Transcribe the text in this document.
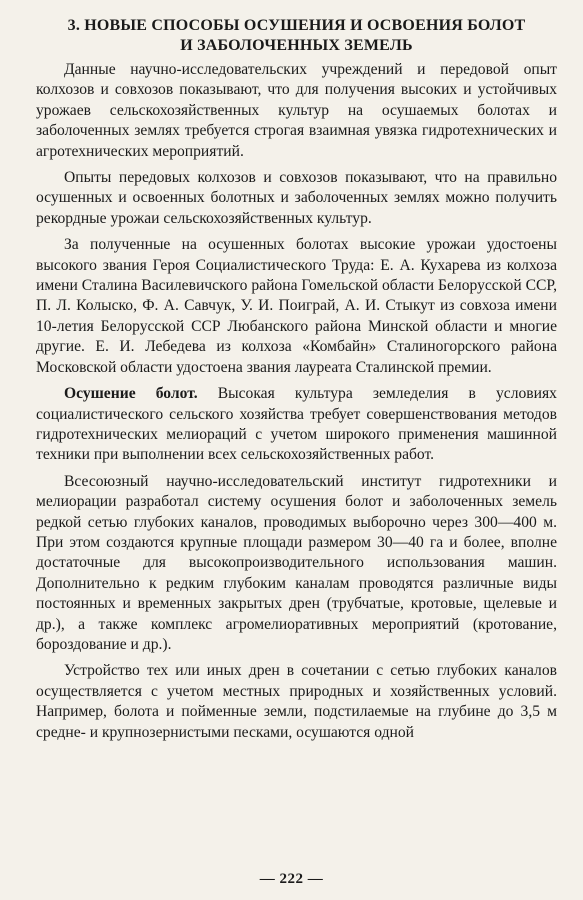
3. НОВЫЕ СПОСОБЫ ОСУШЕНИЯ И ОСВОЕНИЯ БОЛОТ
И ЗАБОЛОЧЕННЫХ ЗЕМЕЛЬ

Данные научно-исследовательских учреждений и передовой опыт колхозов и совхозов показывают, что для получения высоких и устойчивых урожаев сельскохозяйственных культур на осушаемых болотах и заболоченных землях требуется строгая взаимная увязка гидротехнических и агротехнических мероприятий.

Опыты передовых колхозов и совхозов показывают, что на правильно осушенных и освоенных болотных и заболоченных землях можно получить рекордные урожаи сельскохозяйственных культур.

За полученные на осушенных болотах высокие урожаи удостоены высокого звания Героя Социалистического Труда: Е. А. Кухарева из колхоза имени Сталина Василевичского района Гомельской области Белорусской ССР, П. Л. Колыско, Ф. А. Савчук, У. И. Поиграй, А. И. Стыкут из совхоза имени 10-летия Белорусской ССР Любанского района Минской области и многие другие. Е. И. Лебедева из колхоза «Комбайн» Сталиногорского района Московской области удостоена звания лауреата Сталинской премии.

Осушение болот. Высокая культура земледелия в условиях социалистического сельского хозяйства требует совершенствования методов гидротехнических мелиораций с учетом широкого применения машинной техники при выполнении всех сельскохозяйственных работ.

Всесоюзный научно-исследовательский институт гидротехники и мелиорации разработал систему осушения болот и заболоченных земель редкой сетью глубоких каналов, проводимых выборочно через 300—400 м. При этом создаются крупные площади размером 30—40 га и более, вполне достаточные для высокопроизводительного использования машин. Дополнительно к редким глубоким каналам проводятся различные виды постоянных и временных закрытых дрен (трубчатые, кротовые, щелевые и др.), а также комплекс агромелиоративных мероприятий (кротование, бороздование и др.).

Устройство тех или иных дрен в сочетании с сетью глубоких каналов осуществляется с учетом местных природных и хозяйственных условий. Например, болота и пойменные земли, подстилаемые на глубине до 3,5 м средне- и крупнозернистыми песками, осушаются одной

— 222 —
